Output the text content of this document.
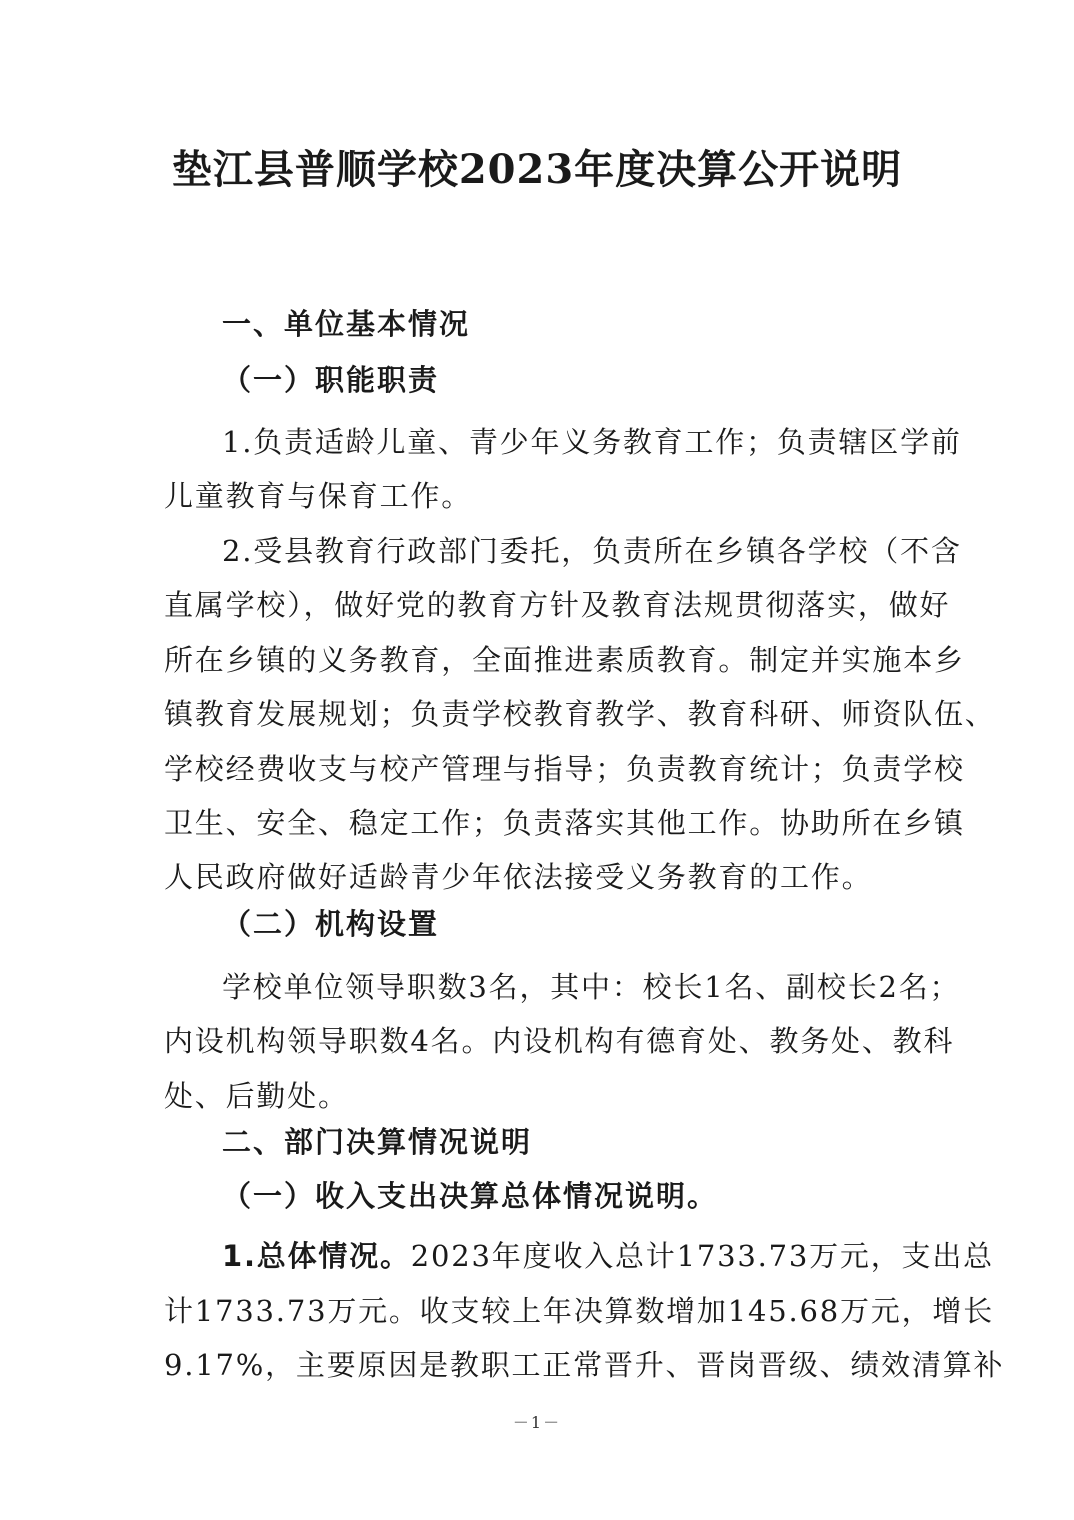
垫江县普顺学校2023年度决算公开说明
一、单位基本情况
（一）职能职责
1.负责适龄儿童、青少年义务教育工作；负责辖区学前
儿童教育与保育工作。
2.受县教育行政部门委托，负责所在乡镇各学校（不含
直属学校），做好党的教育方针及教育法规贯彻落实，做好
所在乡镇的义务教育，全面推进素质教育。制定并实施本乡
镇教育发展规划；负责学校教育教学、教育科研、师资队伍、
学校经费收支与校产管理与指导；负责教育统计；负责学校
卫生、安全、稳定工作；负责落实其他工作。协助所在乡镇
人民政府做好适龄青少年依法接受义务教育的工作。
（二）机构设置
学校单位领导职数3名，其中：校长1名、副校长2名；
内设机构领导职数4名。内设机构有德育处、教务处、教科
处、后勤处。
二、部门决算情况说明
（一）收入支出决算总体情况说明。
1.总体情况。 2023年度收入总计1733.73万元，支出总
计1733.73万元。收支较上年决算数增加145.68万元，增长
9.17%，主要原因是教职工正常晋升、晋岗晋级、绩效清算补
－1－
